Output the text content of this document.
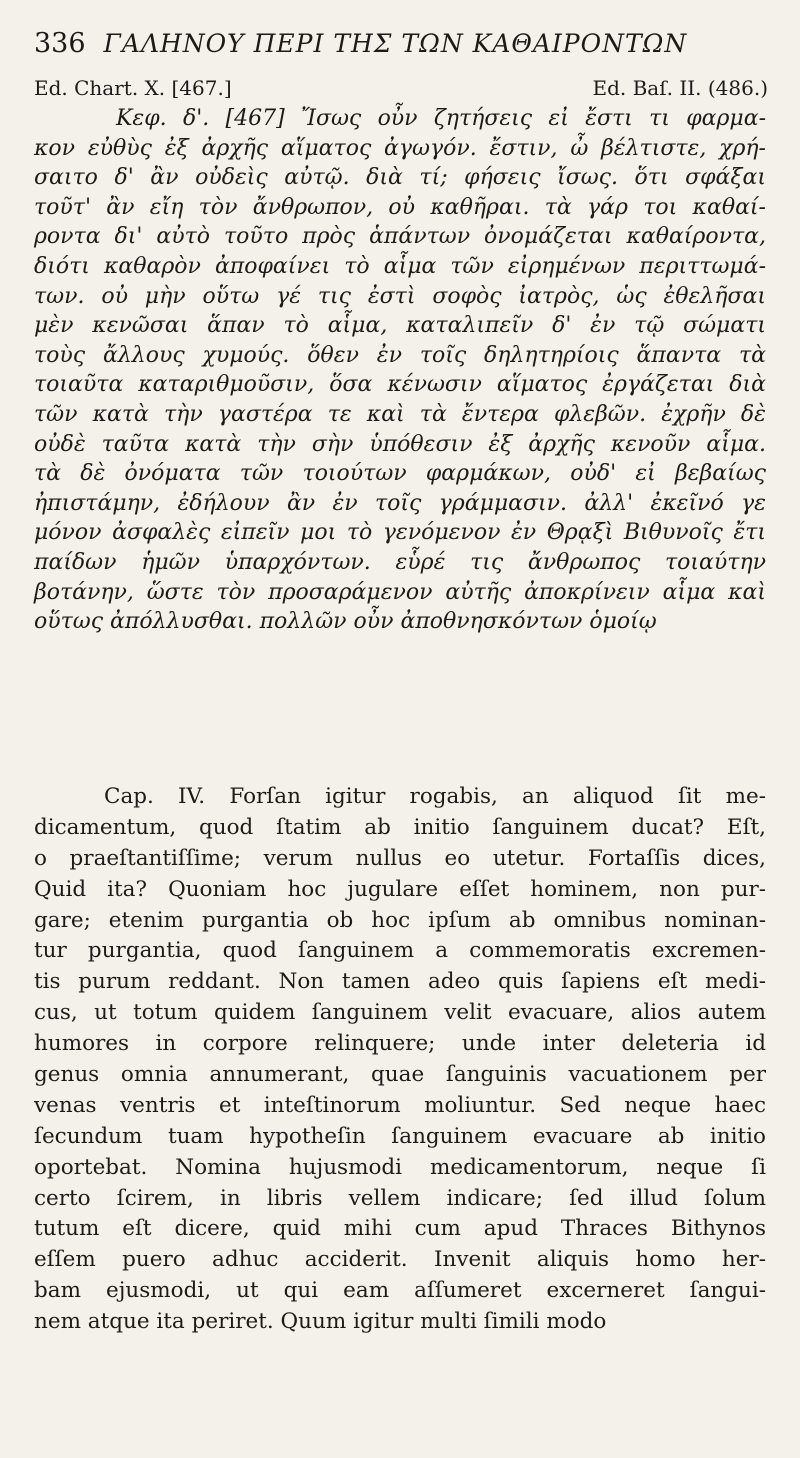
336 ΓΑΛΗΝΟΥ ΠΕΡΙ ΤΗΣ ΤΩΝ ΚΑΘΑΙΡΟΝΤΩΝ
Ed. Chart. X. [467.]	Ed. Baſ. II. (486.)
Κεφ. δ'. [467] Ἴσως οὖν ζητήσεις εἰ ἔστι τι φαρμα-
κον εὐθὺς ἐξ ἀρχῆς αἵματος ἀγωγόν. ἔστιν, ὦ βέλτιστε, χρή-
σαιτο δ' ἂν οὐδεὶς αὐτῷ. διὰ τί; φήσεις ἴσως. ὅτι σφάξαι
τοῦτ' ἂν εἴη τὸν ἄνθρωπον, οὐ καθῆραι. τὰ γάρ τοι καθαί-
ροντα δι' αὐτὸ τοῦτο πρὸς ἁπάντων ὀνομάζεται καθαίροντα,
διότι καθαρὸν ἀποφαίνει τὸ αἷμα τῶν εἰρημένων περιττωμά-
των. οὐ μὴν οὕτω γέ τις ἐστὶ σοφὸς ἰατρὸς, ὡς ἐθελῆσαι
μὲν κενῶσαι ἅπαν τὸ αἷμα, καταλιπεῖν δ' ἐν τῷ σώματι
τοὺς ἄλλους χυμούς. ὅθεν ἐν τοῖς δηλητηρίοις ἅπαντα τὰ
τοιαῦτα καταριθμοῦσιν, ὅσα κένωσιν αἵματος ἐργάζεται διὰ
τῶν κατὰ τὴν γαστέρα τε καὶ τὰ ἔντερα φλεβῶν. ἐχρῆν δὲ
οὐδὲ ταῦτα κατὰ τὴν σὴν ὑπόθεσιν ἐξ ἀρχῆς κενοῦν αἷμα.
τὰ δὲ ὀνόματα τῶν τοιούτων φαρμάκων, οὐδ' εἰ βεβαίως
ἠπιστάμην, ἐδήλουν ἂν ἐν τοῖς γράμμασιν. ἀλλ' ἐκεῖνό γε
μόνον ἀσφαλὲς εἰπεῖν μοι τὸ γενόμενον ἐν Θρᾳξὶ Βιθυνοῖς ἔτι
παίδων ἡμῶν ὑπαρχόντων. εὗρέ τις ἄνθρωπος τοιαύτην
βοτάνην, ὥστε τὸν προσαράμενον αὐτῆς ἀποκρίνειν αἷμα καὶ
οὕτως ἀπόλλυσθαι. πολλῶν οὖν ἀποθνησκόντων ὁμοίῳ
Cap. IV. Forſan igitur rogabis, an aliquod ſit me-
dicamentum, quod ſtatim ab initio ſanguinem ducat? Eſt,
o praeſtantiſſime; verum nullus eo utetur. Fortaſſis dices,
Quid ita? Quoniam hoc jugulare eſſet hominem, non pur-
gare; etenim purgantia ob hoc ipſum ab omnibus nominan-
tur purgantia, quod ſanguinem a commemoratis excremen-
tis purum reddant. Non tamen adeo quis ſapiens eſt medi-
cus, ut totum quidem ſanguinem velit evacuare, alios autem
humores in corpore relinquere; unde inter deleteria id
genus omnia annumerant, quae ſanguinis vacuationem per
venas ventris et inteſtinorum moliuntur. Sed neque haec
ſecundum tuam hypotheſin ſanguinem evacuare ab initio
oportebat. Nomina hujusmodi medicamentorum, neque ſi
certo ſcirem, in libris vellem indicare; ſed illud ſolum
tutum eſt dicere, quid mihi cum apud Thraces Bithynos
eſſem puero adhuc acciderit. Invenit aliquis homo her-
bam ejusmodi, ut qui eam aſſumeret excerneret ſangui-
nem atque ita periret. Quum igitur multi ſimili modo
